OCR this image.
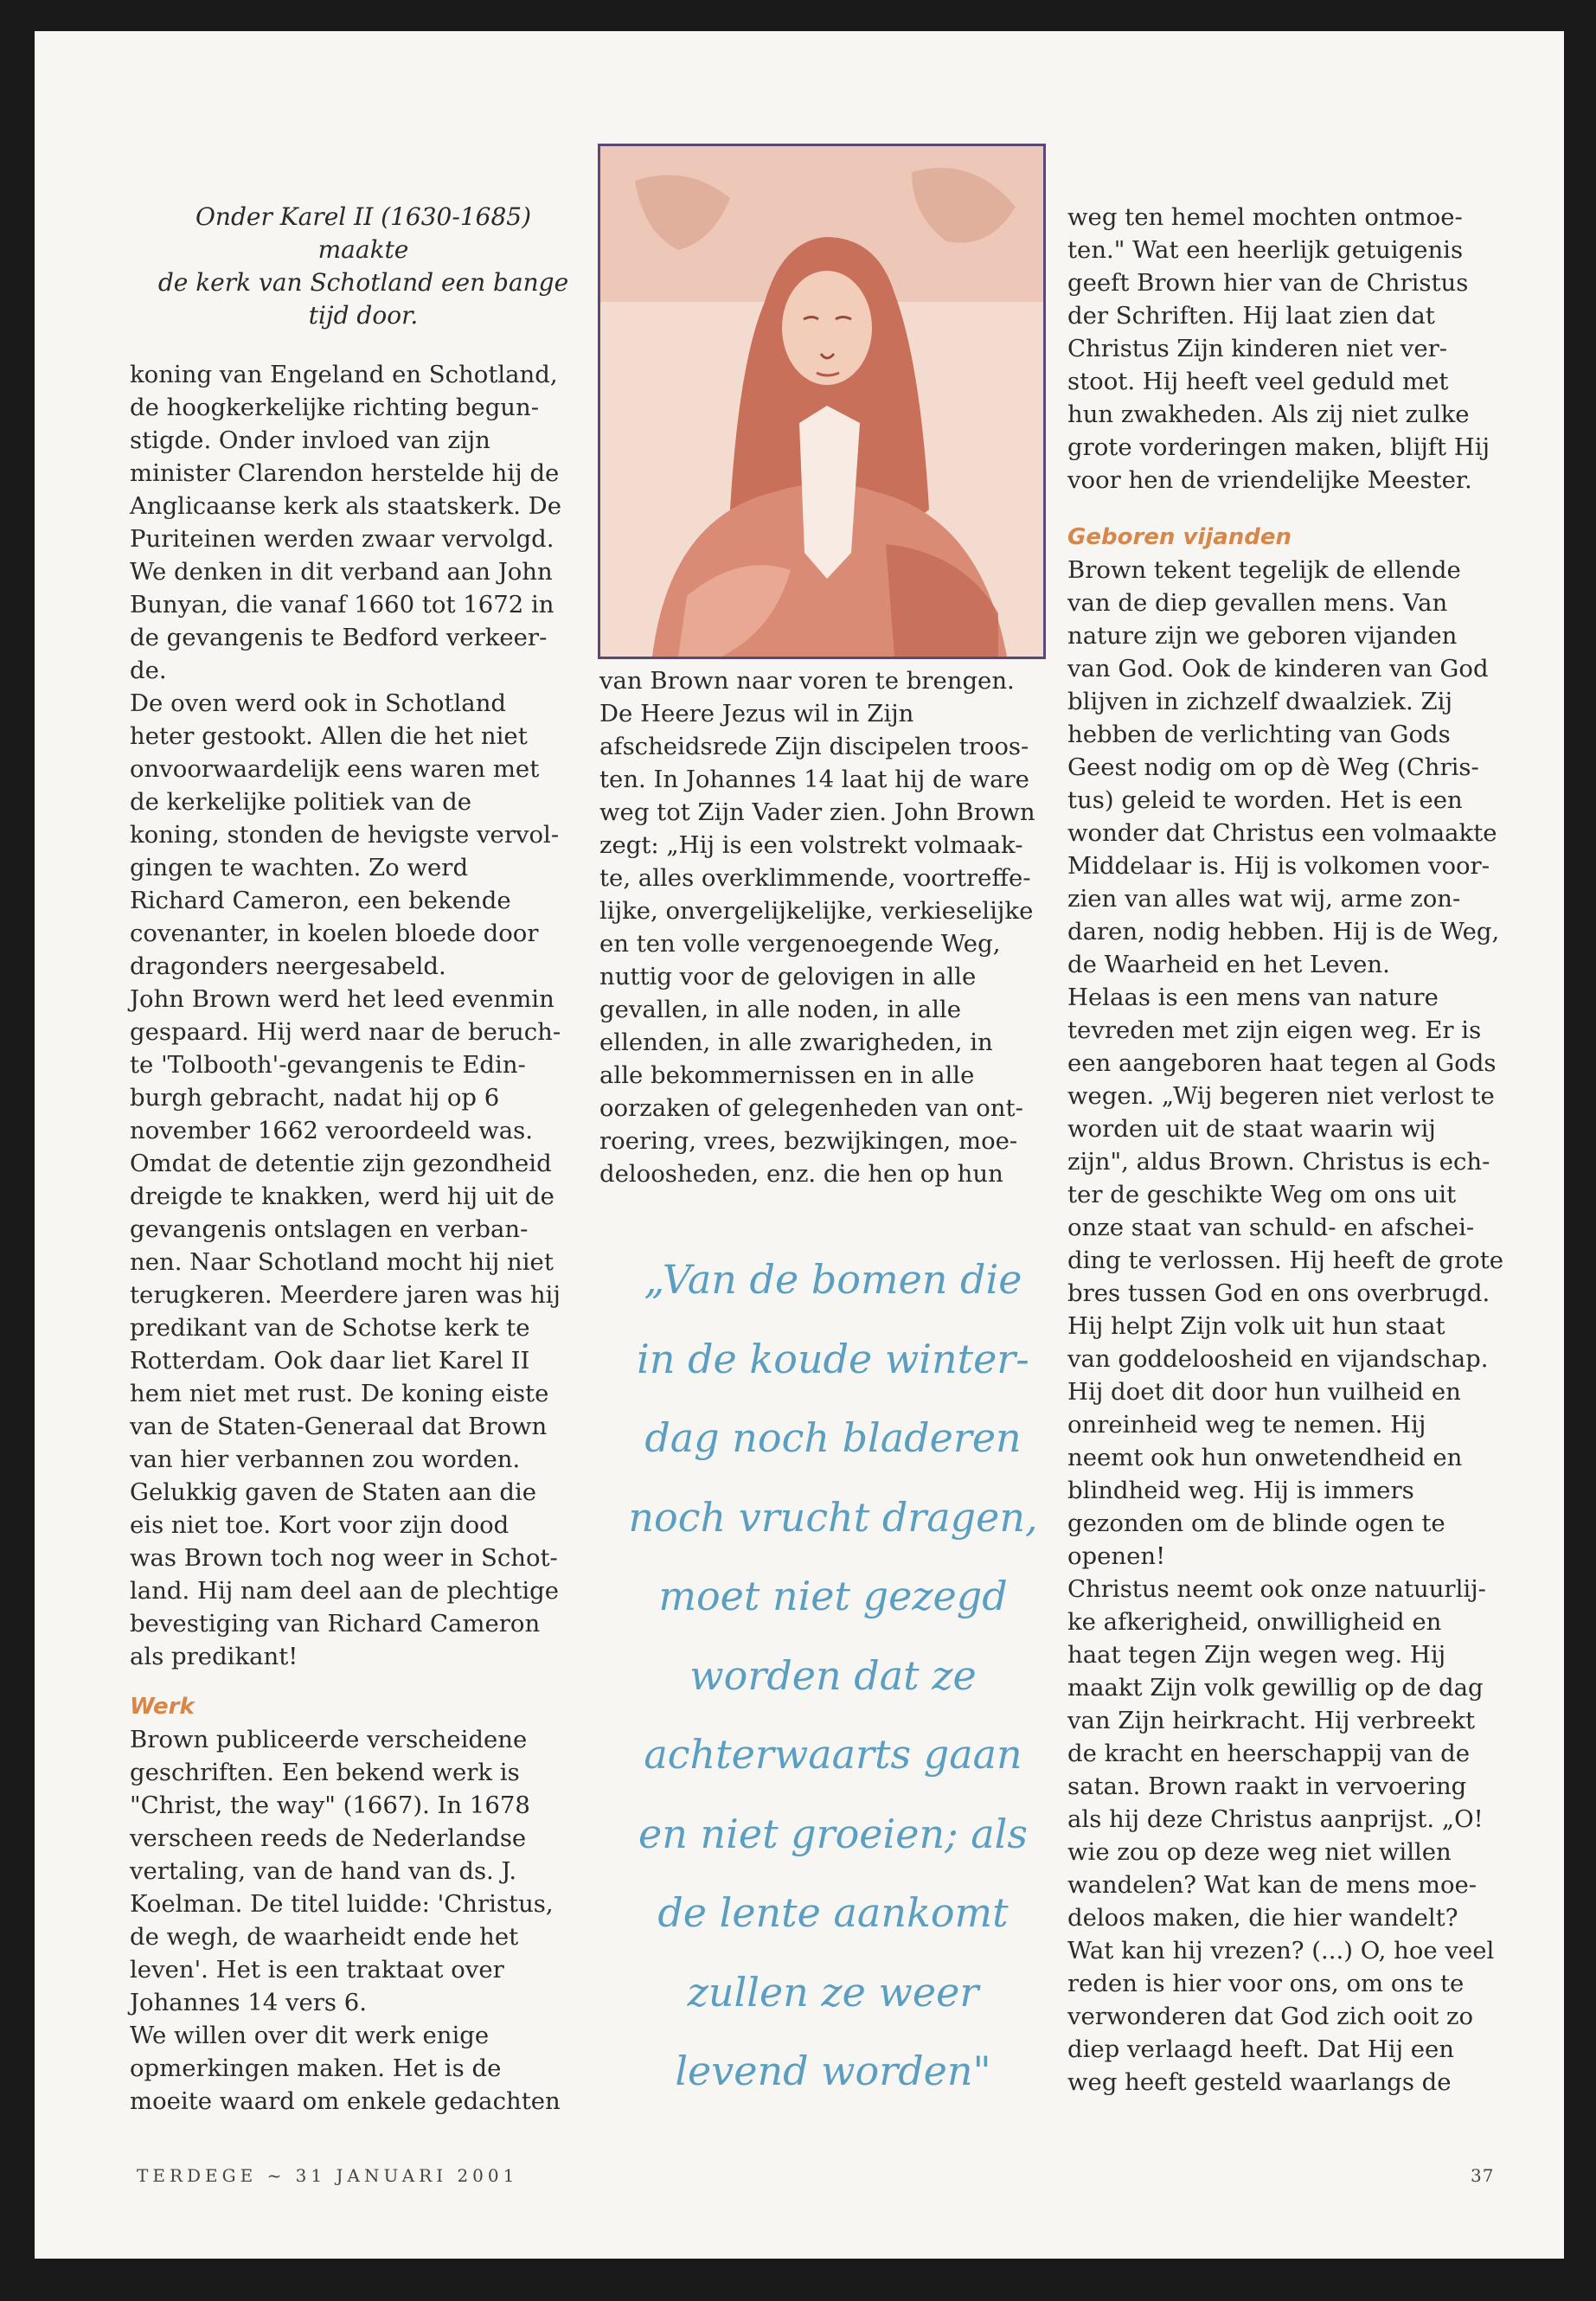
Onder Karel II (1630-1685) maakte
de kerk van Schotland een bange
tijd door.

koning van Engeland en Schotland,

de hoogkerkelijke richting begun-

stigde. Onder invloed van zijn

minister Clarendon herstelde hij de

Anglicaanse kerk als staatskerk. De

Puriteinen werden zwaar vervolgd.

We denken in dit verband aan John

Bunyan, die vanaf 1660 tot 1672 in

de gevangenis te Bedford verkeer-

de.

De oven werd ook in Schotland

heter gestookt. Allen die het niet

onvoorwaardelijk eens waren met

de kerkelijke politiek van de

koning, stonden de hevigste vervol-

gingen te wachten. Zo werd

Richard Cameron, een bekende

covenanter, in koelen bloede door

dragonders neergesabeld.

John Brown werd het leed evenmin

gespaard. Hij werd naar de beruch-

te 'Tolbooth'-gevangenis te Edin-

burgh gebracht, nadat hij op 6

november 1662 veroordeeld was.

Omdat de detentie zijn gezondheid

dreigde te knakken, werd hij uit de

gevangenis ontslagen en verban-

nen. Naar Schotland mocht hij niet

terugkeren. Meerdere jaren was hij

predikant van de Schotse kerk te

Rotterdam. Ook daar liet Karel II

hem niet met rust. De koning eiste

van de Staten-Generaal dat Brown

van hier verbannen zou worden.

Gelukkig gaven de Staten aan die

eis niet toe. Kort voor zijn dood

was Brown toch nog weer in Schot-

land. Hij nam deel aan de plechtige

bevestiging van Richard Cameron

als predikant!

Werk

Brown publiceerde verscheidene

geschriften. Een bekend werk is

"Christ, the way" (1667). In 1678

verscheen reeds de Nederlandse

vertaling, van de hand van ds. J.

Koelman. De titel luidde: 'Christus,

de wegh, de waarheidt ende het

leven'. Het is een traktaat over

Johannes 14 vers 6.

We willen over dit werk enige

opmerkingen maken. Het is de

moeite waard om enkele gedachten

van Brown naar voren te brengen.

De Heere Jezus wil in Zijn

afscheidsrede Zijn discipelen troos-

ten. In Johannes 14 laat hij de ware

weg tot Zijn Vader zien. John Brown

zegt: „Hij is een volstrekt volmaak-

te, alles overklimmende, voortreffe-

lijke, onvergelijkelijke, verkieselijke

en ten volle vergenoegende Weg,

nuttig voor de gelovigen in alle

gevallen, in alle noden, in alle

ellenden, in alle zwarigheden, in

alle bekommernissen en in alle

oorzaken of gelegenheden van ont-

roering, vrees, bezwijkingen, moe-

deloosheden, enz. die hen op hun

„Van de bomen die

in de koude winter-

dag noch bladeren

noch vrucht dragen,

moet niet gezegd

worden dat ze

achterwaarts gaan

en niet groeien; als

de lente aankomt

zullen ze weer

levend worden"

weg ten hemel mochten ontmoe-

ten." Wat een heerlijk getuigenis

geeft Brown hier van de Christus

der Schriften. Hij laat zien dat

Christus Zijn kinderen niet ver-

stoot. Hij heeft veel geduld met

hun zwakheden. Als zij niet zulke

grote vorderingen maken, blijft Hij

voor hen de vriendelijke Meester.

Geboren vijanden

Brown tekent tegelijk de ellende

van de diep gevallen mens. Van

nature zijn we geboren vijanden

van God. Ook de kinderen van God

blijven in zichzelf dwaalziek. Zij

hebben de verlichting van Gods

Geest nodig om op dè Weg (Chris-

tus) geleid te worden. Het is een

wonder dat Christus een volmaakte

Middelaar is. Hij is volkomen voor-

zien van alles wat wij, arme zon-

daren, nodig hebben. Hij is de Weg,

de Waarheid en het Leven.

Helaas is een mens van nature

tevreden met zijn eigen weg. Er is

een aangeboren haat tegen al Gods

wegen. „Wij begeren niet verlost te

worden uit de staat waarin wij

zijn", aldus Brown. Christus is ech-

ter de geschikte Weg om ons uit

onze staat van schuld- en afschei-

ding te verlossen. Hij heeft de grote

bres tussen God en ons overbrugd.

Hij helpt Zijn volk uit hun staat

van goddeloosheid en vijandschap.

Hij doet dit door hun vuilheid en

onreinheid weg te nemen. Hij

neemt ook hun onwetendheid en

blindheid weg. Hij is immers

gezonden om de blinde ogen te

openen!

Christus neemt ook onze natuurlij-

ke afkerigheid, onwilligheid en

haat tegen Zijn wegen weg. Hij

maakt Zijn volk gewillig op de dag

van Zijn heirkracht. Hij verbreekt

de kracht en heerschappij van de

satan. Brown raakt in vervoering

als hij deze Christus aanprijst. „O!

wie zou op deze weg niet willen

wandelen? Wat kan de mens moe-

deloos maken, die hier wandelt?

Wat kan hij vrezen? (...) O, hoe veel

reden is hier voor ons, om ons te

verwonderen dat God zich ooit zo

diep verlaagd heeft. Dat Hij een

weg heeft gesteld waarlangs de

TERDEGE ~ 31 JANUARI 2001	37
